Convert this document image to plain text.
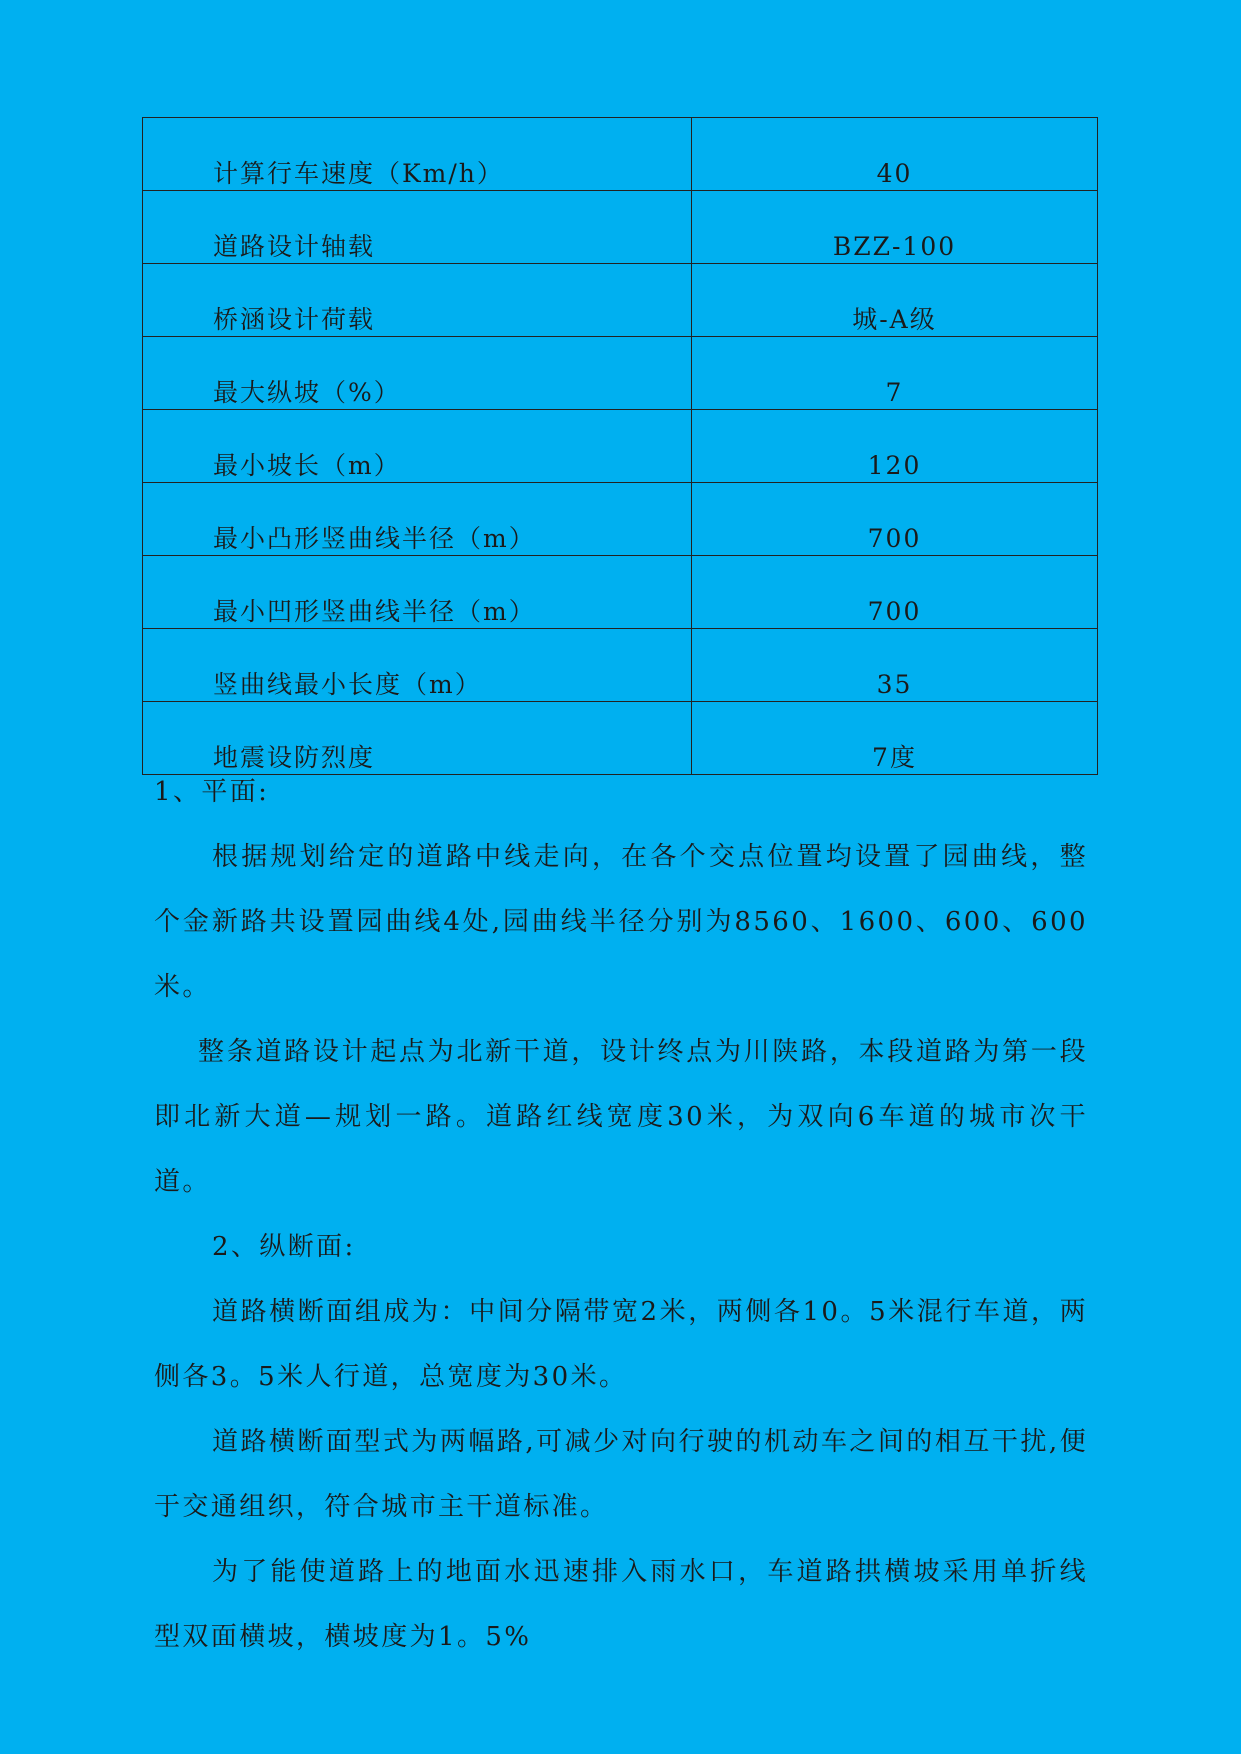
计算行车速度（Km/h）	40
道路设计轴载	BZZ-100
桥涵设计荷载	城-A级
最大纵坡（%）	7
最小坡长（m）	120
最小凸形竖曲线半径（m）	700
最小凹形竖曲线半径（m）	700
竖曲线最小长度（m）	35
地震设防烈度	7度

1、平面:

根据规划给定的道路中线走向，在各个交点位置均设置了园曲线，整个金新路共设置园曲线4处,园曲线半径分别为8560、1600、600、600米。

整条道路设计起点为北新干道，设计终点为川陕路，本段道路为第一段即北新大道—规划一路。道路红线宽度30米，为双向6车道的城市次干道。

2、纵断面:

道路横断面组成为：中间分隔带宽2米，两侧各10。5米混行车道，两侧各3。5米人行道，总宽度为30米。

道路横断面型式为两幅路,可减少对向行驶的机动车之间的相互干扰,便于交通组织，符合城市主干道标准。

为了能使道路上的地面水迅速排入雨水口，车道路拱横坡采用单折线型双面横坡，横坡度为1。5%
